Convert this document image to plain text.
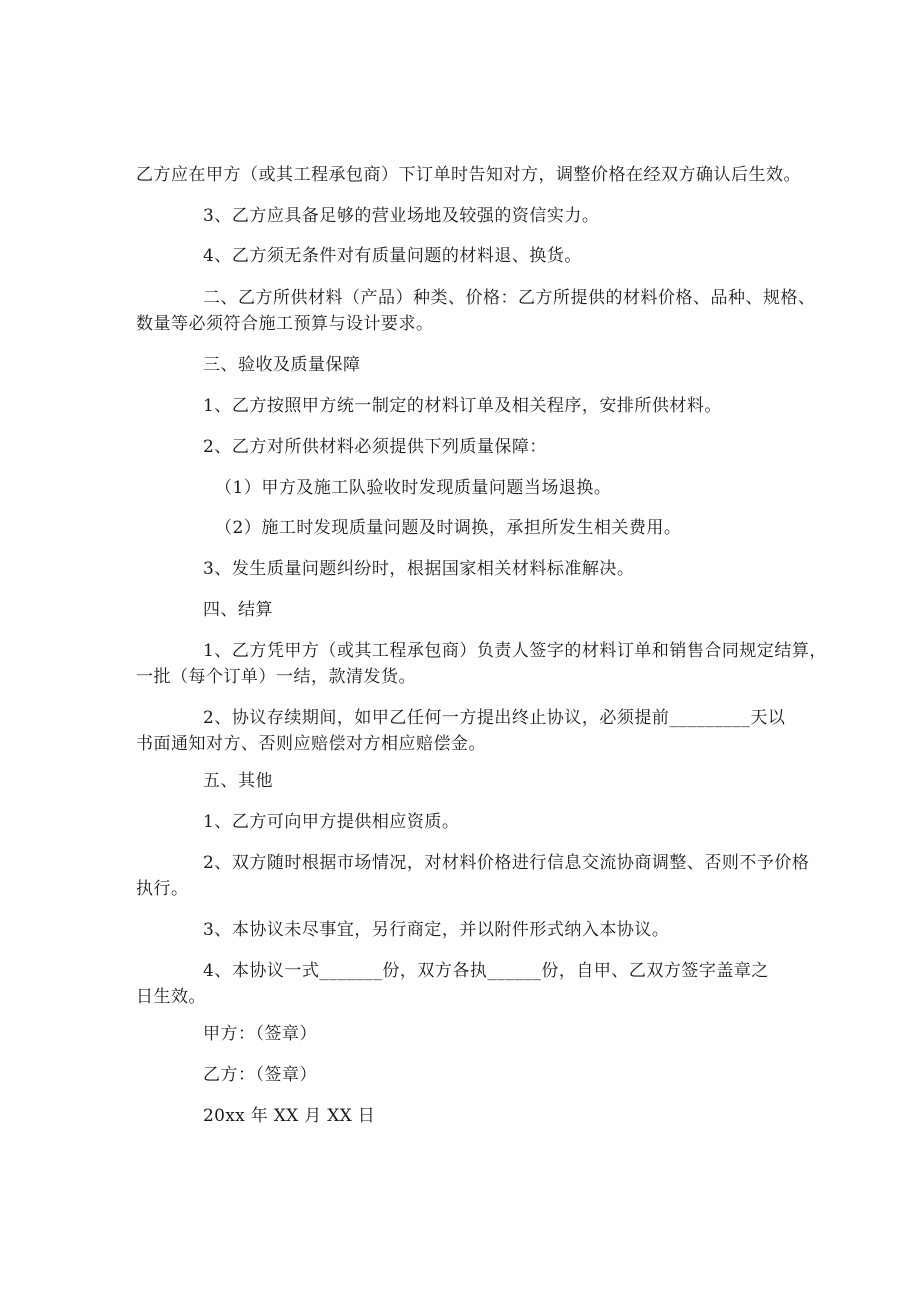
乙方应在甲方（或其工程承包商）下订单时告知对方，调整价格在经双方确认后生效。
3、乙方应具备足够的营业场地及较强的资信实力。
4、乙方须无条件对有质量问题的材料退、换货。
二、乙方所供材料（产品）种类、价格：乙方所提供的材料价格、品种、规格、
数量等必须符合施工预算与设计要求。
三、验收及质量保障
1、乙方按照甲方统一制定的材料订单及相关程序，安排所供材料。
2、乙方对所供材料必须提供下列质量保障：
（1）甲方及施工队验收时发现质量问题当场退换。
（2）施工时发现质量问题及时调换，承担所发生相关费用。
3、发生质量问题纠纷时，根据国家相关材料标准解决。
四、结算
1、乙方凭甲方（或其工程承包商）负责人签字的材料订单和销售合同规定结算，
一批（每个订单）一结，款清发货。
2、协议存续期间，如甲乙任何一方提出终止协议，必须提前_________天以
书面通知对方、否则应赔偿对方相应赔偿金。
五、其他
1、乙方可向甲方提供相应资质。
2、双方随时根据市场情况，对材料价格进行信息交流协商调整、否则不予价格
执行。
3、本协议未尽事宜，另行商定，并以附件形式纳入本协议。
4、本协议一式_______份，双方各执______份，自甲、乙双方签字盖章之
日生效。
甲方：（签章）
乙方：（签章）
20xx 年 XX 月 XX 日
